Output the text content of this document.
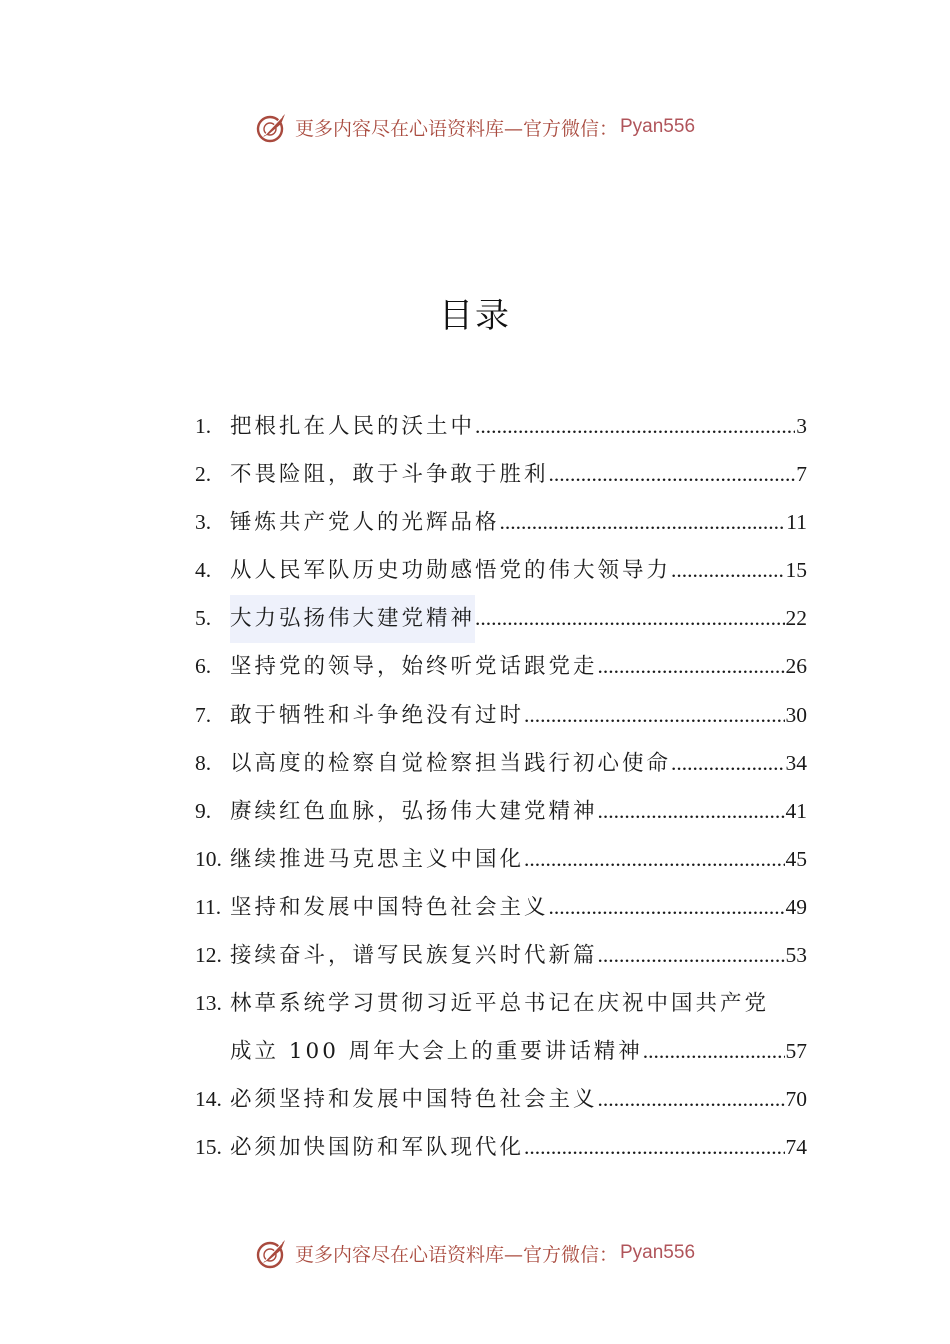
更多内容尽在心语资料库—官方微信： Pyan556
目录
1. 把根扎在人民的沃土中 .....	3
2. 不畏险阻，敢于斗争敢于胜利 .....	7
3. 锤炼共产党人的光辉品格 .....	11
4. 从人民军队历史功勋感悟党的伟大领导力 .....	15
5. 大力弘扬伟大建党精神 .....	22
6. 坚持党的领导，始终听党话跟党走 .....	26
7. 敢于牺牲和斗争绝没有过时 .....	30
8. 以高度的检察自觉检察担当践行初心使命 .....	34
9. 赓续红色血脉，弘扬伟大建党精神 .....	41
10. 继续推进马克思主义中国化 .....	45
11. 坚持和发展中国特色社会主义 .....	49
12. 接续奋斗，谱写民族复兴时代新篇 .....	53
13. 林草系统学习贯彻习近平总书记在庆祝中国共产党
成立 100 周年大会上的重要讲话精神 .....	57
14. 必须坚持和发展中国特色社会主义 .....	70
15. 必须加快国防和军队现代化 .....	74
更多内容尽在心语资料库—官方微信： Pyan556
